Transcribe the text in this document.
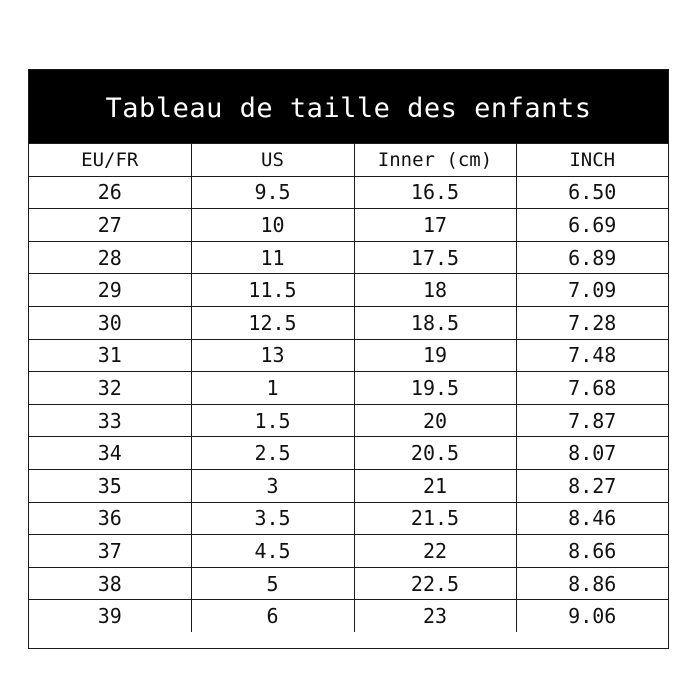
Tableau de taille des enfants
EU/FR	US	Inner (cm)	INCH
26	9.5	16.5	6.50
27	10	17	6.69
28	11	17.5	6.89
29	11.5	18	7.09
30	12.5	18.5	7.28
31	13	19	7.48
32	1	19.5	7.68
33	1.5	20	7.87
34	2.5	20.5	8.07
35	3	21	8.27
36	3.5	21.5	8.46
37	4.5	22	8.66
38	5	22.5	8.86
39	6	23	9.06
